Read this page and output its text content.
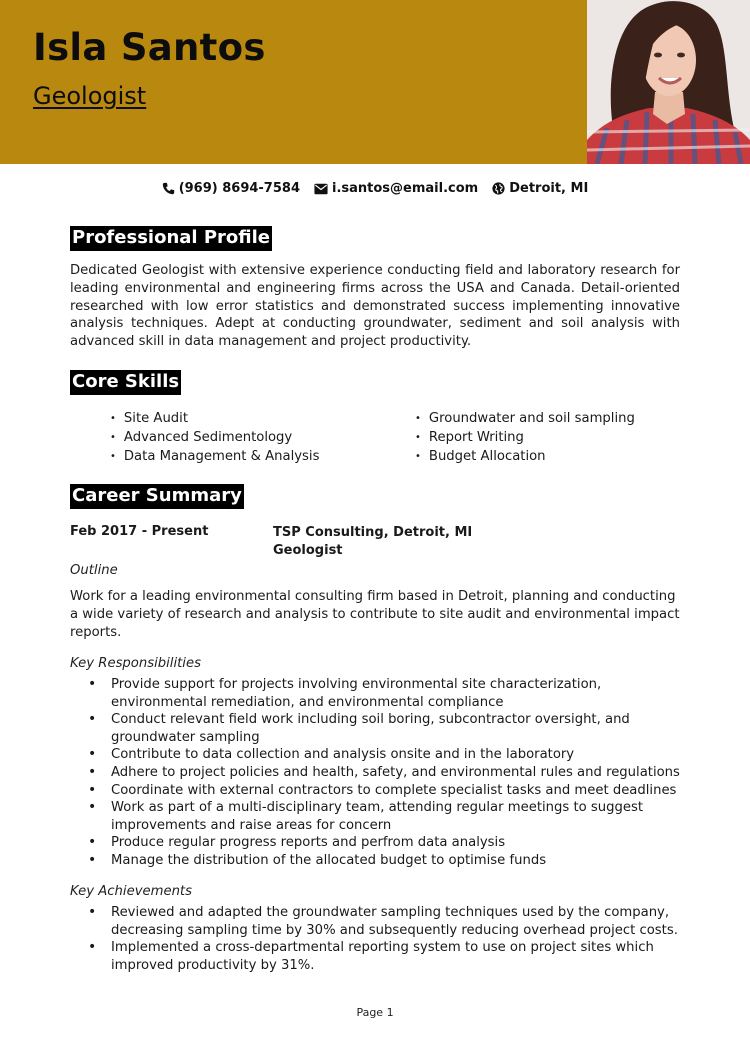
Isla Santos
Geologist
(969) 8694-7584 i.santos@email.com Detroit, MI
Professional Profile
Dedicated Geologist with extensive experience conducting field and laboratory research for leading environmental and engineering firms across the USA and Canada. Detail-oriented researched with low error statistics and demonstrated success implementing innovative analysis techniques. Adept at conducting groundwater, sediment and soil analysis with advanced skill in data management and project productivity.
Core Skills
• Site Audit	• Groundwater and soil sampling
• Advanced Sedimentology	• Report Writing
• Data Management & Analysis	• Budget Allocation
Career Summary
Feb 2017 - Present	TSP Consulting, Detroit, MI
Geologist
Outline
Work for a leading environmental consulting firm based in Detroit, planning and conducting a wide variety of research and analysis to contribute to site audit and environmental impact reports.
Key Responsibilities
•	Provide support for projects involving environmental site characterization, environmental remediation, and environmental compliance
•	Conduct relevant field work including soil boring, subcontractor oversight, and groundwater sampling
•	Contribute to data collection and analysis onsite and in the laboratory
•	Adhere to project policies and health, safety, and environmental rules and regulations
•	Coordinate with external contractors to complete specialist tasks and meet deadlines
•	Work as part of a multi-disciplinary team, attending regular meetings to suggest improvements and raise areas for concern
•	Produce regular progress reports and perfrom data analysis
•	Manage the distribution of the allocated budget to optimise funds
Key Achievements
•	Reviewed and adapted the groundwater sampling techniques used by the company, decreasing sampling time by 30% and subsequently reducing overhead project costs.
•	Implemented a cross-departmental reporting system to use on project sites which improved productivity by 31%.
Page 1
